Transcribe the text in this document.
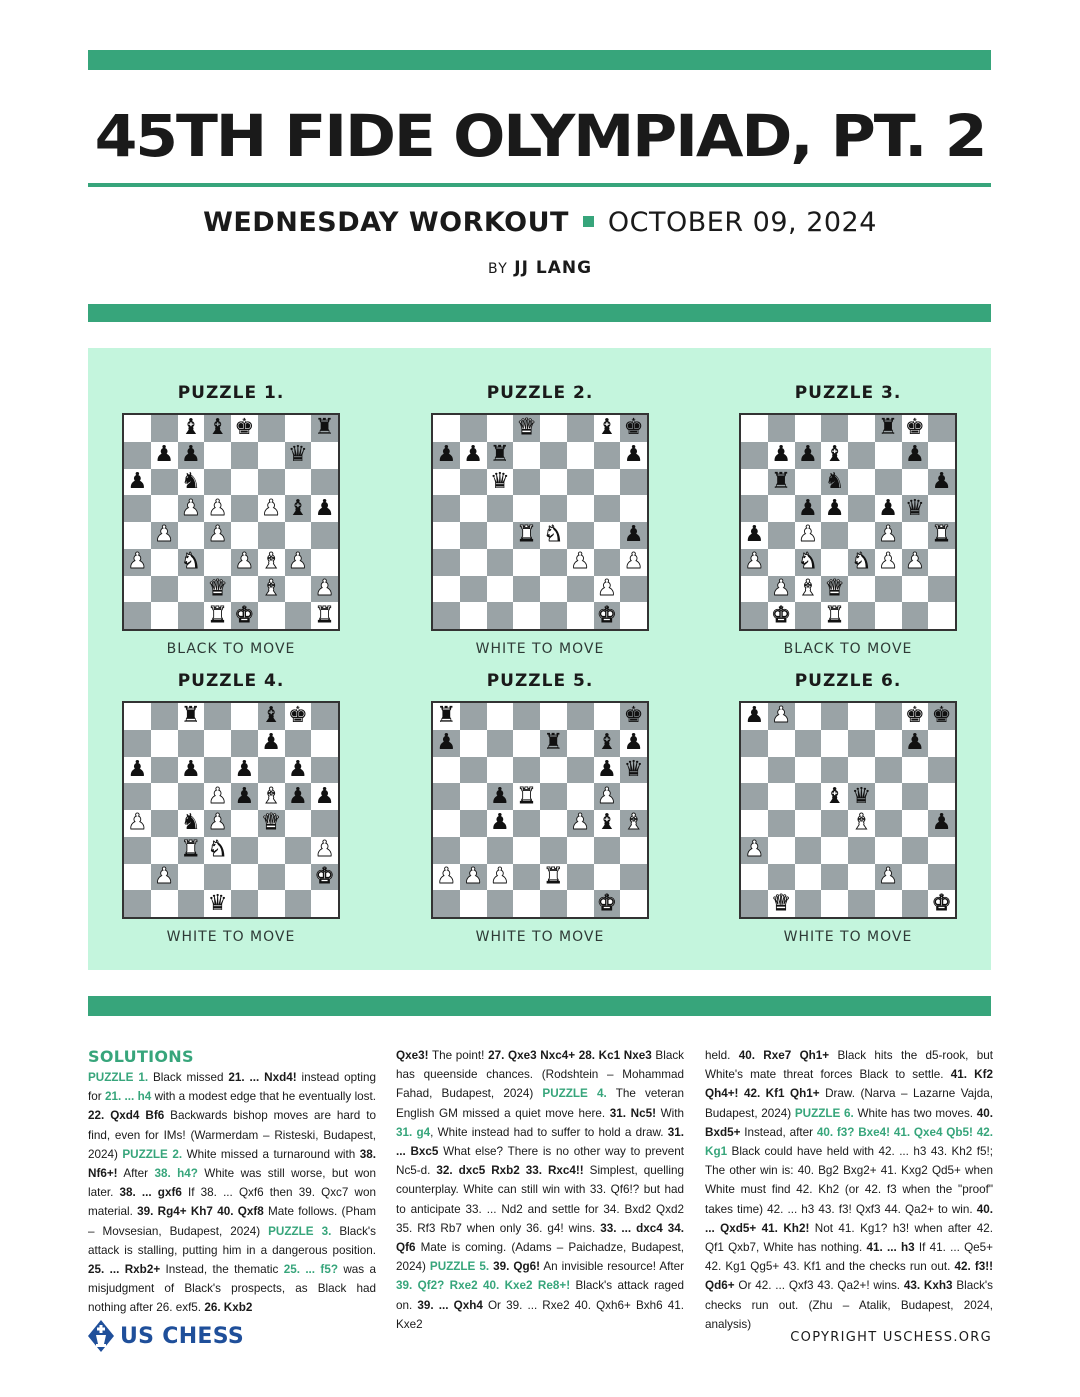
45TH FIDE OLYMPIAD, PT. 2
WEDNESDAY WORKOUT OCTOBER 09, 2024
BY JJ LANG
PUZZLE 1.
♝ ♝ ♚	♜
♟ ♟	♛
♟ ♞
♟ ♟ ♟ ♝ ♟
♟ ♟
♟ ♞ ♟ ♝ ♟
♛ ♝ ♟
♜ ♚	♜
BLACK TO MOVE
PUZZLE 2.
♛	♝ ♚
♟ ♟ ♜	♟
♛
♜ ♞	♟
♟ ♟
♟
♚
WHITE TO MOVE
PUZZLE 3.
♜ ♚
♟ ♟ ♝	♟
♜ ♞	♟
♟ ♟ ♟ ♛
♟ ♟	♟ ♜
♟ ♞ ♞ ♟ ♟
♟ ♝ ♛
♚ ♜
BLACK TO MOVE
PUZZLE 4.
♜	♝ ♚
♟
♟ ♟ ♟ ♟
♟ ♟ ♝ ♟ ♟
♟ ♞ ♟ ♛
♜ ♞	♟
♟	♚
♛
WHITE TO MOVE
PUZZLE 5.
♜	♚
♟	♜ ♝ ♟
♟ ♛
♟ ♜	♟
♟	♟ ♝ ♝
♟ ♟ ♟ ♜
♚
WHITE TO MOVE
PUZZLE 6.
♟ ♟	♚ ♚
♟
♝ ♛
♝	♟
♟
♟
♛	♚
WHITE TO MOVE
SOLUTIONS
PUZZLE 1. Black missed 21. ... Nxd4! instead opting for 21. ... h4 with a modest edge that he eventually lost. 22. Qxd4 Bf6 Backwards bishop moves are hard to find, even for IMs! (Warmerdam – Risteski, Budapest, 2024) PUZZLE 2. White missed a turnaround with 38. Nf6+! After 38. h4? White was still worse, but won later. 38. ... gxf6 If 38. ... Qxf6 then 39. Qxc7 won material. 39. Rg4+ Kh7 40. Qxf8 Mate follows. (Pham – Movsesian, Budapest, 2024) PUZZLE 3. Black's attack is stalling, putting him in a dangerous position. 25. ... Rxb2+ Instead, the thematic 25. ... f5? was a misjudgment of Black's prospects, as Black had nothing after 26. exf5. 26. Kxb2
Qxe3! The point! 27. Qxe3 Nxc4+ 28. Kc1 Nxe3 Black has queenside chances. (Rodshtein – Mohammad Fahad, Budapest, 2024) PUZZLE 4. The veteran English GM missed a quiet move here. 31. Nc5! With 31. g4, White instead had to suffer to hold a draw. 31. ... Bxc5 What else? There is no other way to prevent Nc5-d. 32. dxc5 Rxb2 33. Rxc4!! Simplest, quelling counterplay. White can still win with 33. Qf6!? but had to anticipate 33. ... Nd2 and settle for 34. Bxd2 Qxd2 35. Rf3 Rb7 when only 36. g4! wins. 33. ... dxc4 34. Qf6 Mate is coming. (Adams – Paichadze, Budapest, 2024) PUZZLE 5. 39. Qg6! An invisible resource! After 39. Qf2? Rxe2 40. Kxe2 Re8+! Black's attack raged on. 39. ... Qxh4 Or 39. ... Rxe2 40. Qxh6+ Bxh6 41. Kxe2
held. 40. Rxe7 Qh1+ Black hits the d5-rook, but White's mate threat forces Black to settle. 41. Kf2 Qh4+! 42. Kf1 Qh1+ Draw. (Narva – Lazarne Vajda, Budapest, 2024) PUZZLE 6. White has two moves. 40. Bxd5+ Instead, after 40. f3? Bxe4! 41. Qxe4 Qb5! 42. Kg1 Black could have held with 42. ... h3 43. Kh2 f5!; The other win is: 40. Bg2 Bxg2+ 41. Kxg2 Qd5+ when White must find 42. Kh2 (or 42. f3 when the "proof" takes time) 42. ... h3 43. f3! Qxf3 44. Qa2+ to win. 40. ... Qxd5+ 41. Kh2! Not 41. Kg1? h3! when after 42. Qf1 Qxb7, White has nothing. 41. ... h3 If 41. ... Qe5+ 42. Kg1 Qg5+ 43. Kf1 and the checks run out. 42. f3!! Qd6+ Or 42. ... Qxf3 43. Qa2+! wins. 43. Kxh3 Black's checks run out. (Zhu – Atalik, Budapest, 2024, analysis)
US CHESS	COPYRIGHT USCHESS.ORG
